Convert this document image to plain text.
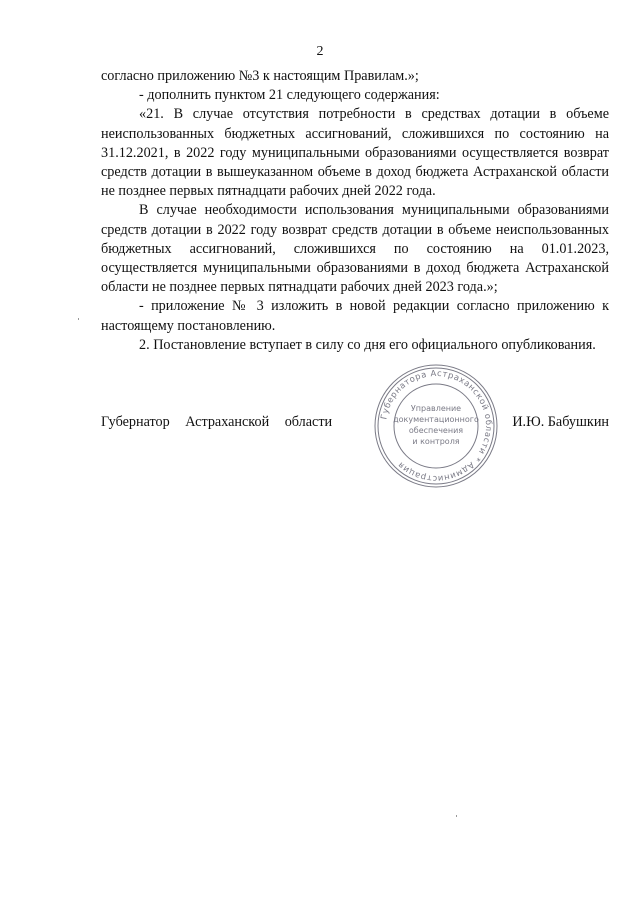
2

согласно приложению №3 к настоящим Правилам.»;

- дополнить пунктом 21 следующего содержания:

«21. В случае отсутствия потребности в средствах дотации в объеме неиспользованных бюджетных ассигнований, сложившихся по состоянию на 31.12.2021, в 2022 году муниципальными образованиями осуществляется возврат средств дотации в вышеуказанном объеме в доход бюджета Астраханской области не позднее первых пятнадцати рабочих дней 2022 года.

В случае необходимости использования муниципальными образованиями средств дотации в 2022 году возврат средств дотации в объеме неиспользованных бюджетных ассигнований, сложившихся по состоянию на 01.01.2023, осуществляется муниципальными образованиями в доход бюджета Астраханской области не позднее первых пятнадцати рабочих дней 2023 года.»;

- приложение № 3 изложить в новой редакции согласно приложению к настоящему постановлению.

2. Постановление вступает в силу со дня его официального опубликования.

Губернатор Астраханской области	И.Ю. Бабушкин
Губернатора Астраханской области * Администрация
Управление
документационного
обеспечения
и контроля
